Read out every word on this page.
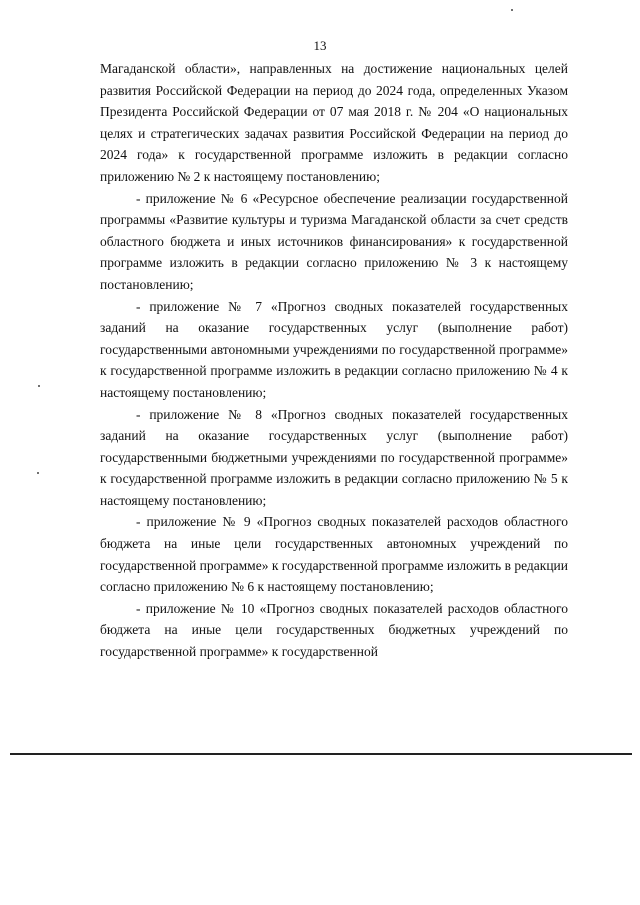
13

Магаданской области», направленных на достижение национальных целей развития Российской Федерации на период до 2024 года, определенных Указом Президента Российской Федерации от 07 мая 2018 г. № 204 «О национальных целях и стратегических задачах развития Российской Федерации на период до 2024 года» к государственной программе изложить в редакции согласно приложению № 2 к настоящему постановлению;

- приложение № 6 «Ресурсное обеспечение реализации государственной программы «Развитие культуры и туризма Магаданской области за счет средств областного бюджета и иных источников финансирования» к государственной программе изложить в редакции согласно приложению № 3 к настоящему постановлению;

- приложение № 7 «Прогноз сводных показателей государственных заданий на оказание государственных услуг (выполнение работ) государственными автономными учреждениями по государственной программе» к государственной программе изложить в редакции согласно приложению № 4 к настоящему постановлению;

- приложение № 8 «Прогноз сводных показателей государственных заданий на оказание государственных услуг (выполнение работ) государственными бюджетными учреждениями по государственной программе» к государственной программе изложить в редакции согласно приложению № 5 к настоящему постановлению;

- приложение № 9 «Прогноз сводных показателей расходов областного бюджета на иные цели государственных автономных учреждений по государственной программе» к государственной программе изложить в редакции согласно приложению № 6 к настоящему постановлению;

- приложение № 10 «Прогноз сводных показателей расходов областного бюджета на иные цели государственных бюджетных учреждений по государственной программе» к государственной
